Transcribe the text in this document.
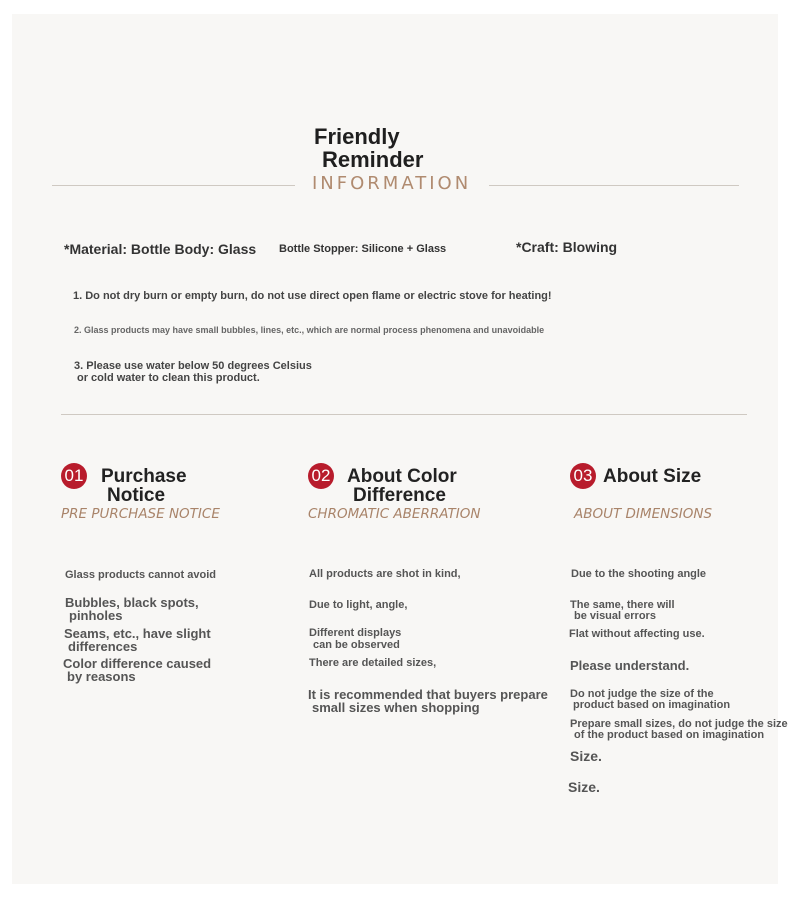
Friendly
Reminder
INFORMATION
*Material: Bottle Body: Glass Bottle Stopper: Silicone + Glass	*Craft: Blowing
1. Do not dry burn or empty burn, do not use direct open flame or electric stove for heating!
2. Glass products may have small bubbles, lines, etc., which are normal process phenomena and unavoidable
3. Please use water below 50 degrees Celsius
or cold water to clean this product.
01 Purchase
Notice
PRE PURCHASE NOTICE
Glass products cannot avoid
Bubbles, black spots,
pinholes
Seams, etc., have slight
differences
Color difference caused
by reasons
02 About Color
Difference
CHROMATIC ABERRATION
All products are shot in kind,
Due to light, angle,
Different displays
can be observed
There are detailed sizes,
It is recommended that buyers prepare
small sizes when shopping
03 About Size
ABOUT DIMENSIONS
Due to the shooting angle
The same, there will
be visual errors
Flat without affecting use.
Please understand.
Do not judge the size of the
product based on imagination
Prepare small sizes, do not judge the size
of the product based on imagination
Size.
Size.
